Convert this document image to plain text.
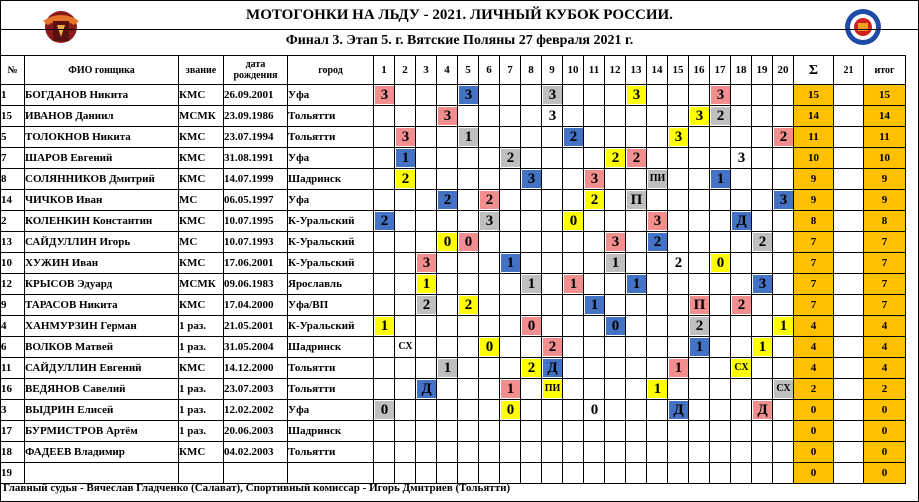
МОТОГОНКИ НА ЛЬДУ - 2021. ЛИЧНЫЙ КУБОК РОССИИ.
Финал 3. Этап 5. г. Вятские Поляны 27 февраля 2021 г.
№	ФИО гонщика	звание	дата рождения	город	1	2	3	4	5	6	7	8	9	10	11	12	13	14	15	16	17	18	19	20	Σ	21	итог
1	БОГДАНОВ Никита	КМС	26.09.2001	Уфа	3				3				3				3				3				15		15
15	ИВАНОВ Даниил	МСМК	23.09.1986	Тольятти				3					3							3	2				14		14
5	ТОЛОКНОВ Никита	КМС	23.07.1994	Тольятти		3			1					2					3					2	11		11
7	ШАРОВ Евгений	КМС	31.08.1991	Уфа		1					2					2	2					3			10		10
8	СОЛЯННИКОВ Дмитрий	КМС	14.07.1999	Шадринск		2						3			3			ПИ			1				9		9
14	ЧИЧКОВ Иван	МС	06.05.1997	Уфа				2		2					2		П							3	9		9
2	КОЛЕНКИН Константин	КМС	10.07.1995	К-Уральский	2					3				0				3				Д			8		8
13	САЙДУЛЛИН Игорь	МС	10.07.1993	К-Уральский				0	0							3		2					2		7		7
10	ХУЖИН Иван	КМС	17.06.2001	К-Уральский			3				1					1			2		0				7		7
12	КРЫСОВ Эдуард	МСМК	09.06.1983	Ярославль			1					1		1			1						3		7		7
9	ТАРАСОВ Никита	КМС	17.04.2000	Уфа/ВП			2		2						1					П		2			7		7
4	ХАНМУРЗИН Герман	1 раз.	21.05.2001	К-Уральский	1							0				0				2				1	4		4
6	ВОЛКОВ Матвей	1 раз.	31.05.2004	Шадринск		СХ				0			2							1			1		4		4
11	САЙДУЛЛИН Евгений	КМС	14.12.2000	Тольятти				1				2	Д						1			СХ			4		4
16	ВЕДЯНОВ Савелий	1 раз.	23.07.2003	Тольятти			Д				1		ПИ					1						СХ	2		2
3	ВЫДРИН Елисей	1 раз.	12.02.2002	Уфа	0						0				0				Д				Д		0		0
17	БУРМИСТРОВ Артём	1 раз.	20.06.2003	Шадринск																					0		0
18	ФАДЕЕВ Владимир	КМС	04.02.2003	Тольятти																					0		0
19																									0		0
Главный судья - Вячеслав Гладченко (Салават), Спортивный комиссар - Игорь Дмитриев (Тольятти)
